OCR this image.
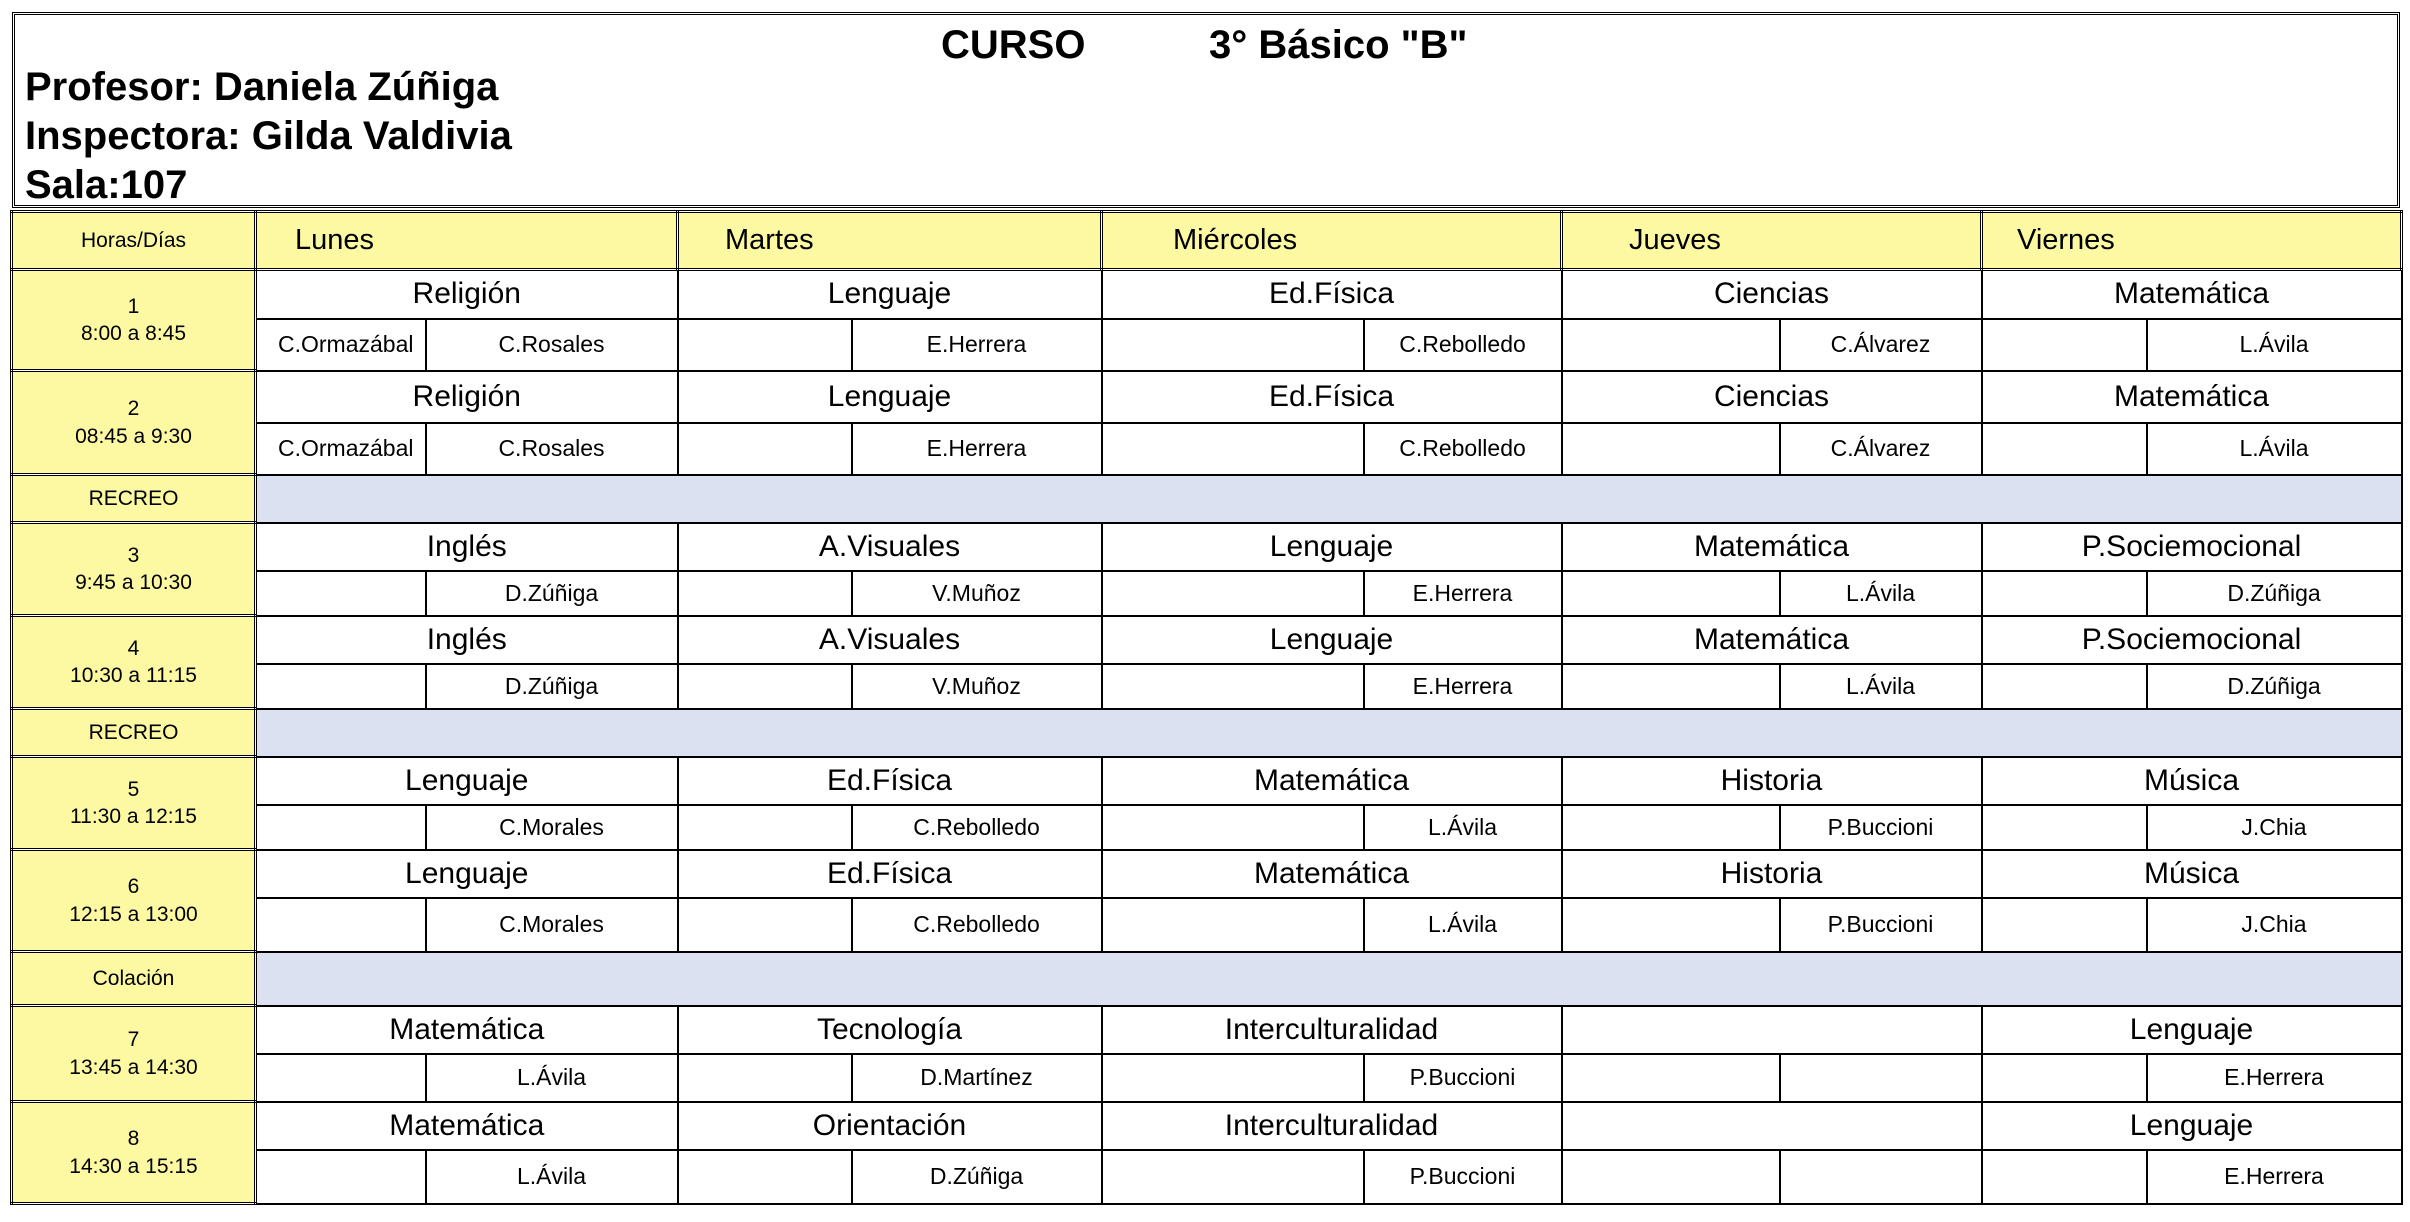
CURSO	3° Básico "B"

Profesor: Daniela Zúñiga

Inspectora: Gilda Valdivia

Sala:107

Horas/Días	Lunes		Martes		Miércoles		Jueves		Viernes	

1
8:00 a 8:45	Religión		Lenguaje		Ed.Física		Ciencias		Matemática	
	C.Ormazábal	C.Rosales		E.Herrera		C.Rebolledo		C.Álvarez		L.Ávila

2
08:45 a 9:30	Religión		Lenguaje		Ed.Física		Ciencias		Matemática	
	C.Ormazábal	C.Rosales		E.Herrera		C.Rebolledo		C.Álvarez		L.Ávila
RECREO										

3
9:45 a 10:30	Inglés		A.Visuales		Lenguaje		Matemática		P.Sociemocional	
		D.Zúñiga		V.Muñoz		E.Herrera		L.Ávila		D.Zúñiga

4
10:30 a 11:15	Inglés		A.Visuales		Lenguaje		Matemática		P.Sociemocional	
		D.Zúñiga		V.Muñoz		E.Herrera		L.Ávila		D.Zúñiga
RECREO										

5
11:30 a 12:15	Lenguaje		Ed.Física		Matemática		Historia		Música	
		C.Morales		C.Rebolledo		L.Ávila		P.Buccioni		J.Chia

6
12:15 a 13:00	Lenguaje		Ed.Física		Matemática		Historia		Música	
		C.Morales		C.Rebolledo		L.Ávila		P.Buccioni		J.Chia
Colación										

7
13:45 a 14:30	Matemática		Tecnología		Interculturalidad				Lenguaje	
		L.Ávila		D.Martínez		P.Buccioni				E.Herrera

8
14:30 a 15:15	Matemática		Orientación		Interculturalidad				Lenguaje	
		L.Ávila		D.Zúñiga		P.Buccioni				E.Herrera
